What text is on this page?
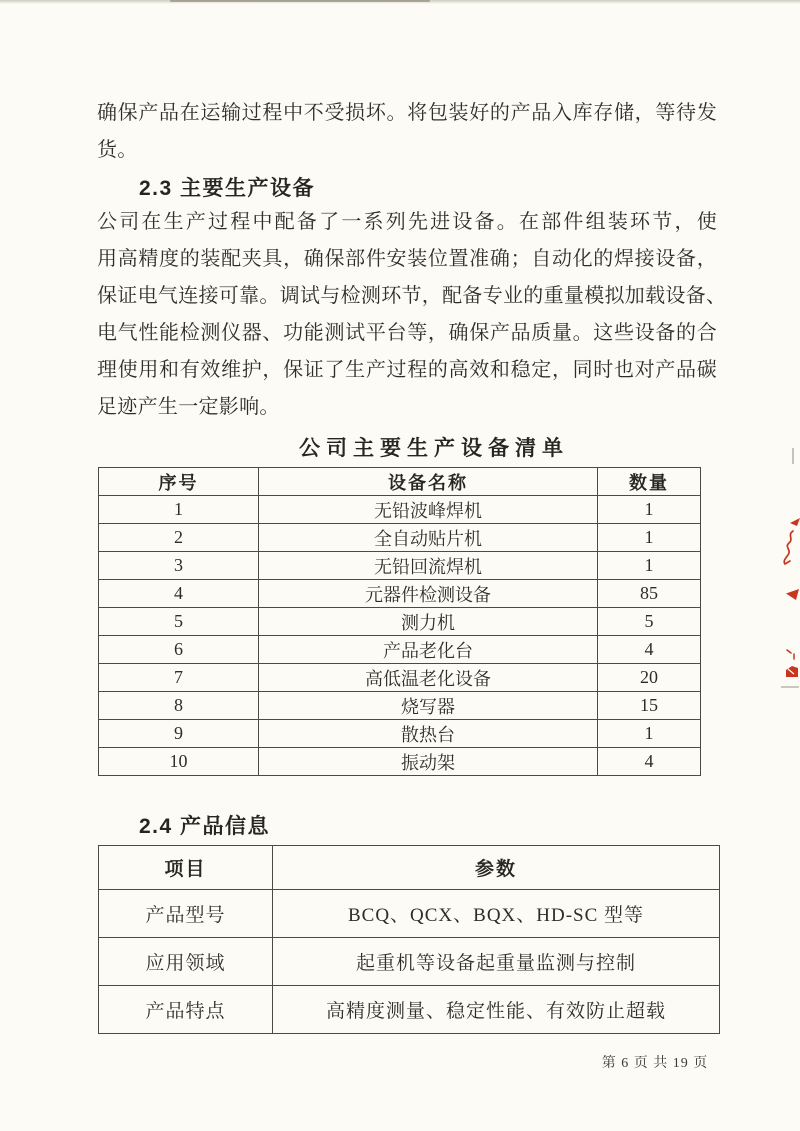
确保产品在运输过程中不受损坏。将包装好的产品入库存储，等待发
货。
2.3 主要生产设备
公司在生产过程中配备了一系列先进设备。在部件组装环节，使
用高精度的装配夹具，确保部件安装位置准确；自动化的焊接设备，
保证电气连接可靠。调试与检测环节，配备专业的重量模拟加载设备、
电气性能检测仪器、功能测试平台等，确保产品质量。这些设备的合
理使用和有效维护，保证了生产过程的高效和稳定，同时也对产品碳
足迹产生一定影响。
公司主要生产设备清单
序号	设备名称	数量
1	无铅波峰焊机	1
2	全自动贴片机	1
3	无铅回流焊机	1
4	元器件检测设备	85
5	测力机	5
6	产品老化台	4
7	高低温老化设备	20
8	烧写器	15
9	散热台	1
10	振动架	4
2.4 产品信息
项目	参数
产品型号	BCQ、QCX、BQX、HD-SC 型等
应用领域	起重机等设备起重量监测与控制
产品特点	高精度测量、稳定性能、有效防止超载
第 6 页 共 19 页
